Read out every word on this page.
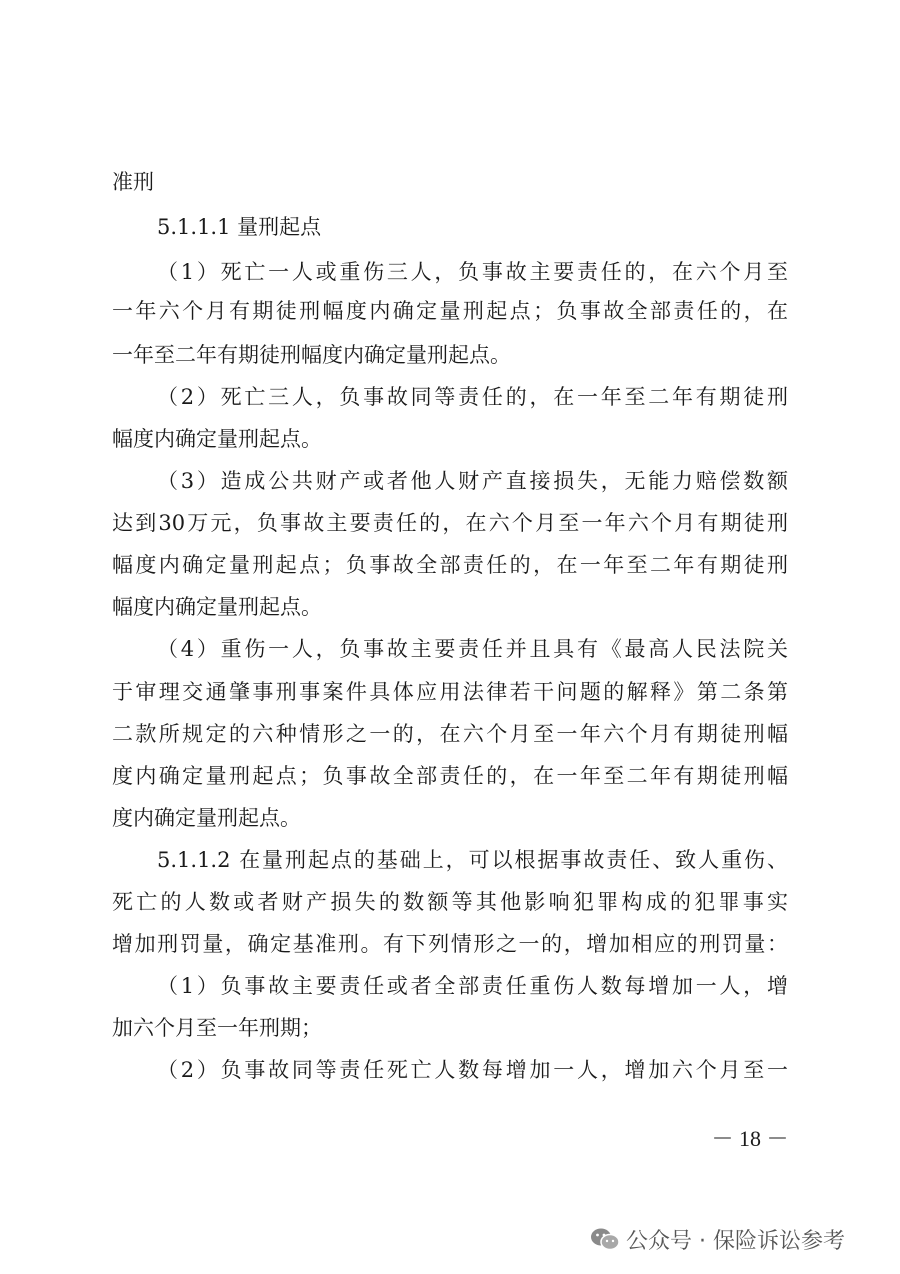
准刑
5.1.1.1 量刑起点
（1）死亡一人或重伤三人，负事故主要责任的，在六个月至
一年六个月有期徒刑幅度内确定量刑起点；负事故全部责任的，在
一年至二年有期徒刑幅度内确定量刑起点。
（2）死亡三人，负事故同等责任的，在一年至二年有期徒刑
幅度内确定量刑起点。
（3）造成公共财产或者他人财产直接损失，无能力赔偿数额
达到30万元，负事故主要责任的，在六个月至一年六个月有期徒刑
幅度内确定量刑起点；负事故全部责任的，在一年至二年有期徒刑
幅度内确定量刑起点。
（4）重伤一人，负事故主要责任并且具有《最高人民法院关
于审理交通肇事刑事案件具体应用法律若干问题的解释》第二条第
二款所规定的六种情形之一的，在六个月至一年六个月有期徒刑幅
度内确定量刑起点；负事故全部责任的，在一年至二年有期徒刑幅
度内确定量刑起点。
5.1.1.2 在量刑起点的基础上，可以根据事故责任、致人重伤、
死亡的人数或者财产损失的数额等其他影响犯罪构成的犯罪事实
增加刑罚量，确定基准刑。有下列情形之一的，增加相应的刑罚量：
（1）负事故主要责任或者全部责任重伤人数每增加一人，增
加六个月至一年刑期；
（2）负事故同等责任死亡人数每增加一人，增加六个月至一
－ 18 －
公众号 · 保险诉讼参考
